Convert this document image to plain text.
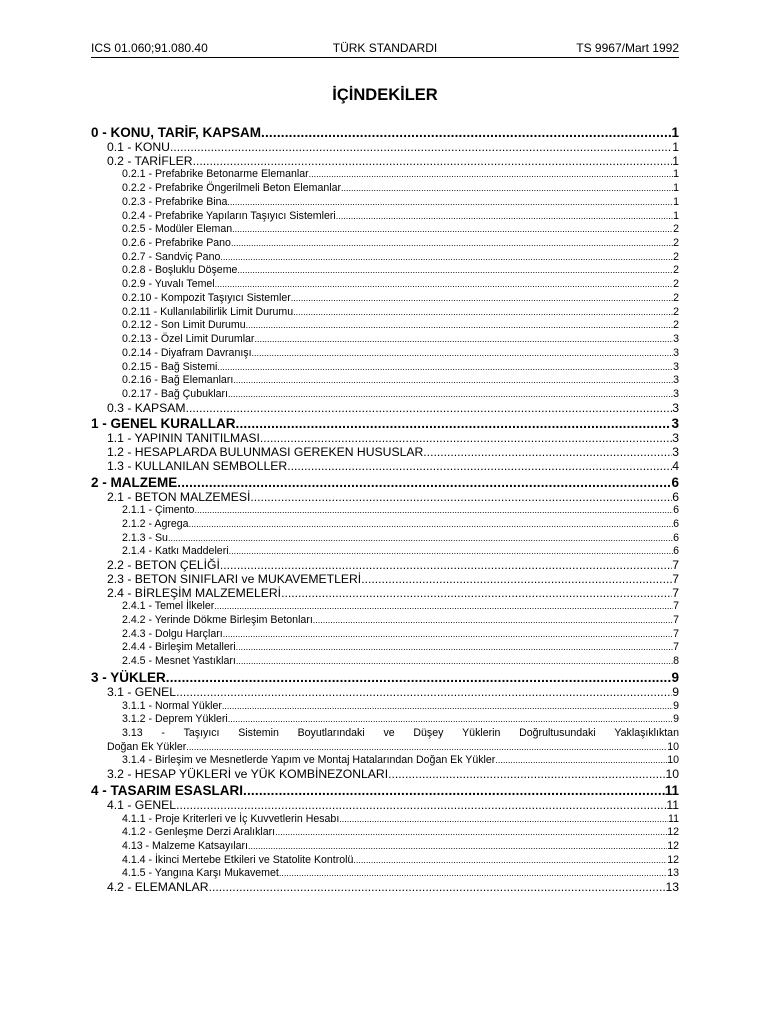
ICS 01.060;91.080.40	TÜRK STANDARDI	TS 9967/Mart 1992
İÇİNDEKİLER
0 - KONU, TARİF, KAPSAM .....	1
0.1 - KONU .....	1
0.2 - TARİFLER .....	1
0.2.1 - Prefabrike Betonarme Elemanlar .....	1
0.2.2 - Prefabrike Öngerilmeli Beton Elemanlar .....	1
0.2.3 - Prefabrike Bina .....	1
0.2.4 - Prefabrike Yapıların Taşıyıcı Sistemleri .....	1
0.2.5 - Modüler Eleman .....	2
0.2.6 - Prefabrike Pano .....	2
0.2.7 - Sandviç Pano .....	2
0.2.8 - Boşluklu Döşeme .....	2
0.2.9 - Yuvalı Temel .....	2
0.2.10 - Kompozit Taşıyıcı Sistemler .....	2
0.2.11 - Kullanılabilirlik Limit Durumu .....	2
0.2.12 - Son Limit Durumu .....	2
0.2.13 - Özel Limit Durumlar .....	3
0.2.14 - Diyafram Davranışı .....	3
0.2.15 - Bağ Sistemi .....	3
0.2.16 - Bağ Elemanları .....	3
0.2.17 - Bağ Çubukları .....	3
0.3 - KAPSAM .....	3
1 - GENEL KURALLAR .....	3
1.1 - YAPININ TANITILMASI .....	3
1.2 - HESAPLARDA BULUNMASI GEREKEN HUSUSLAR .....	3
1.3 - KULLANILAN SEMBOLLER .....	4
2 - MALZEME .....	6
2.1 - BETON MALZEMESİ .....	6
2.1.1 - Çimento .....	6
2.1.2 - Agrega .....	6
2.1.3 - Su .....	6
2.1.4 - Katkı Maddeleri .....	6
2.2 - BETON ÇELİĞİ .....	7
2.3 - BETON SINIFLARI ve MUKAVEMETLERİ .....	7
2.4 - BİRLEŞİM MALZEMELERİ .....	7
2.4.1 - Temel İlkeler .....	7
2.4.2 - Yerinde Dökme Birleşim Betonları .....	7
2.4.3 - Dolgu Harçları .....	7
2.4.4 - Birleşim Metalleri .....	7
2.4.5 - Mesnet Yastıkları .....	8
3 - YÜKLER .....	9
3.1 - GENEL .....	9
3.1.1 - Normal Yükler .....	9
3.1.2 - Deprem Yükleri .....	9
3.13 - Taşıyıcı Sistemin Boyutlarındaki ve Düşey Yüklerin Doğrultusundaki Yaklaşıklıktan
Doğan Ek Yükler .....	10
3.1.4 - Birleşim ve Mesnetlerde Yapım ve Montaj Hatalarından Doğan Ek Yükler .....	10
3.2 - HESAP YÜKLERİ ve YÜK KOMBİNEZONLARI .....	10
4 - TASARIM ESASLARI .....	11
4.1 - GENEL .....	11
4.1.1 - Proje Kriterleri ve İç Kuvvetlerin Hesabı .....	11
4.1.2 - Genleşme Derzi Aralıkları .....	12
4.13 - Malzeme Katsayıları .....	12
4.1.4 - İkinci Mertebe Etkileri ve Statolite Kontrolü .....	12
4.1.5 - Yangına Karşı Mukavemet .....	13
4.2 - ELEMANLAR .....	13
